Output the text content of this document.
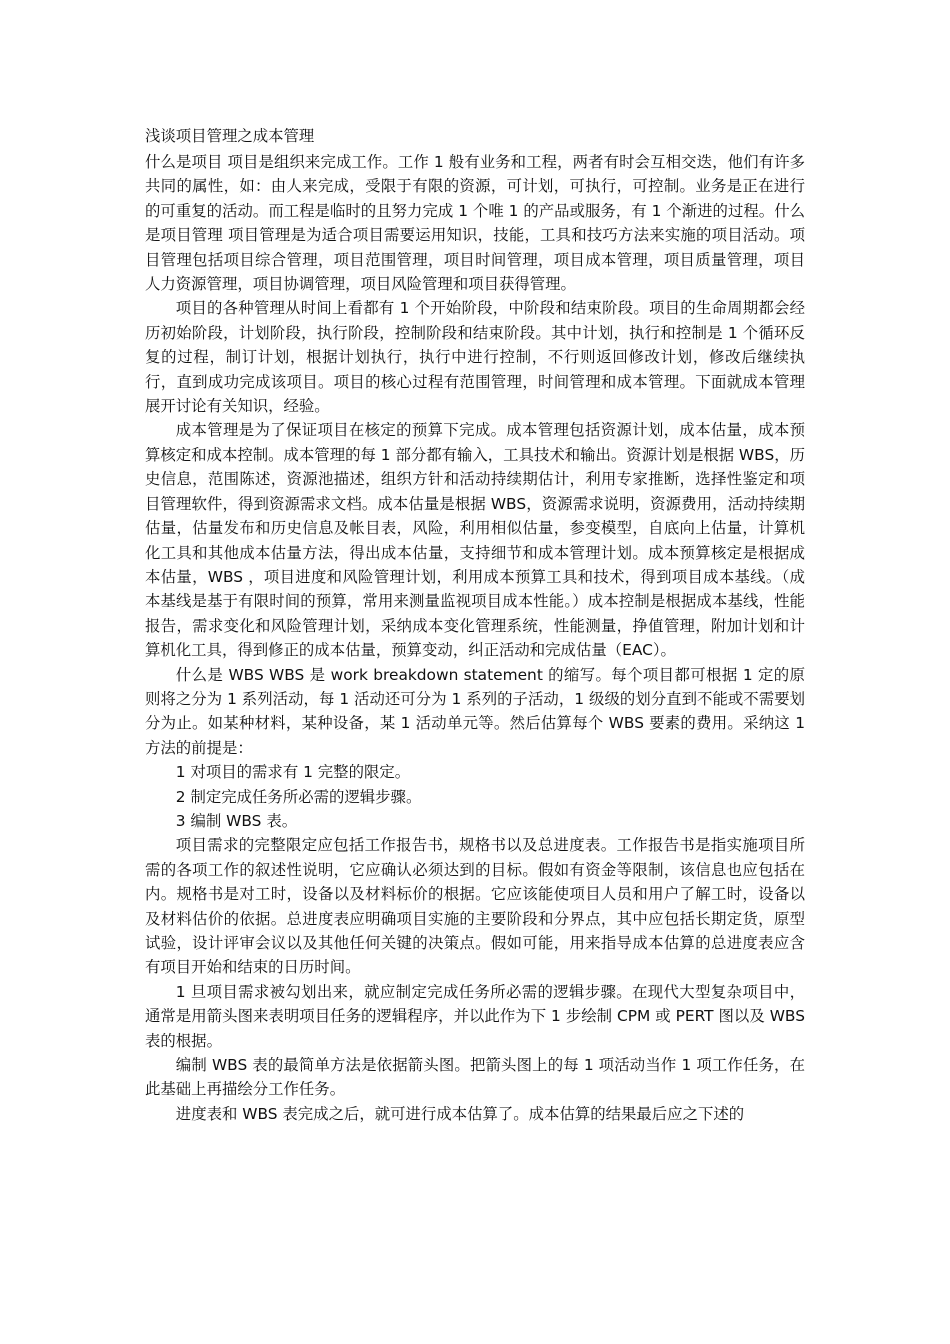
浅谈项目管理之成本管理

什么是项目 项目是组织来完成工作。工作 1 般有业务和工程，两者有时会互相交迭，他们有许多共同的属性，如：由人来完成，受限于有限的资源，可计划，可执行，可控制。业务是正在进行的可重复的活动。而工程是临时的且努力完成 1 个唯 1 的产品或服务，有 1 个渐进的过程。什么是项目管理 项目管理是为适合项目需要运用知识，技能，工具和技巧方法来实施的项目活动。项目管理包括项目综合管理，项目范围管理，项目时间管理，项目成本管理，项目质量管理，项目人力资源管理，项目协调管理，项目风险管理和项目获得管理。

项目的各种管理从时间上看都有 1 个开始阶段，中阶段和结束阶段。项目的生命周期都会经历初始阶段，计划阶段，执行阶段，控制阶段和结束阶段。其中计划，执行和控制是 1 个循环反复的过程，制订计划，根据计划执行，执行中进行控制，不行则返回修改计划，修改后继续执行，直到成功完成该项目。项目的核心过程有范围管理，时间管理和成本管理。下面就成本管理展开讨论有关知识，经验。

成本管理是为了保证项目在核定的预算下完成。成本管理包括资源计划，成本估量，成本预算核定和成本控制。成本管理的每 1 部分都有输入，工具技术和输出。资源计划是根据 WBS，历史信息，范围陈述，资源池描述，组织方针和活动持续期估计，利用专家推断，选择性鉴定和项目管理软件，得到资源需求文档。成本估量是根据 WBS，资源需求说明，资源费用，活动持续期估量，估量发布和历史信息及帐目表，风险，利用相似估量，参变模型，自底向上估量，计算机化工具和其他成本估量方法，得出成本估量，支持细节和成本管理计划。成本预算核定是根据成本估量，WBS ，项目进度和风险管理计划，利用成本预算工具和技术，得到项目成本基线。（成本基线是基于有限时间的预算，常用来测量监视项目成本性能。）成本控制是根据成本基线，性能报告，需求变化和风险管理计划，采纳成本变化管理系统，性能测量，挣值管理，附加计划和计算机化工具，得到修正的成本估量，预算变动，纠正活动和完成估量（EAC）。

什么是 WBS WBS 是 work breakdown statement 的缩写。每个项目都可根据 1 定的原则将之分为 1 系列活动，每 1 活动还可分为 1 系列的子活动，1 级级的划分直到不能或不需要划分为止。如某种材料，某种设备，某 1 活动单元等。然后估算每个 WBS 要素的费用。采纳这 1 方法的前提是：

1 对项目的需求有 1 完整的限定。

2 制定完成任务所必需的逻辑步骤。

3 编制 WBS 表。

项目需求的完整限定应包括工作报告书，规格书以及总进度表。工作报告书是指实施项目所需的各项工作的叙述性说明，它应确认必须达到的目标。假如有资金等限制，该信息也应包括在内。规格书是对工时，设备以及材料标价的根据。它应该能使项目人员和用户了解工时，设备以及材料估价的依据。总进度表应明确项目实施的主要阶段和分界点，其中应包括长期定货，原型试验，设计评审会议以及其他任何关键的决策点。假如可能，用来指导成本估算的总进度表应含有项目开始和结束的日历时间。

1 旦项目需求被勾划出来，就应制定完成任务所必需的逻辑步骤。在现代大型复杂项目中，通常是用箭头图来表明项目任务的逻辑程序，并以此作为下 1 步绘制 CPM 或 PERT 图以及 WBS 表的根据。

编制 WBS 表的最简单方法是依据箭头图。把箭头图上的每 1 项活动当作 1 项工作任务，在此基础上再描绘分工作任务。

进度表和 WBS 表完成之后，就可进行成本估算了。成本估算的结果最后应之下述的
